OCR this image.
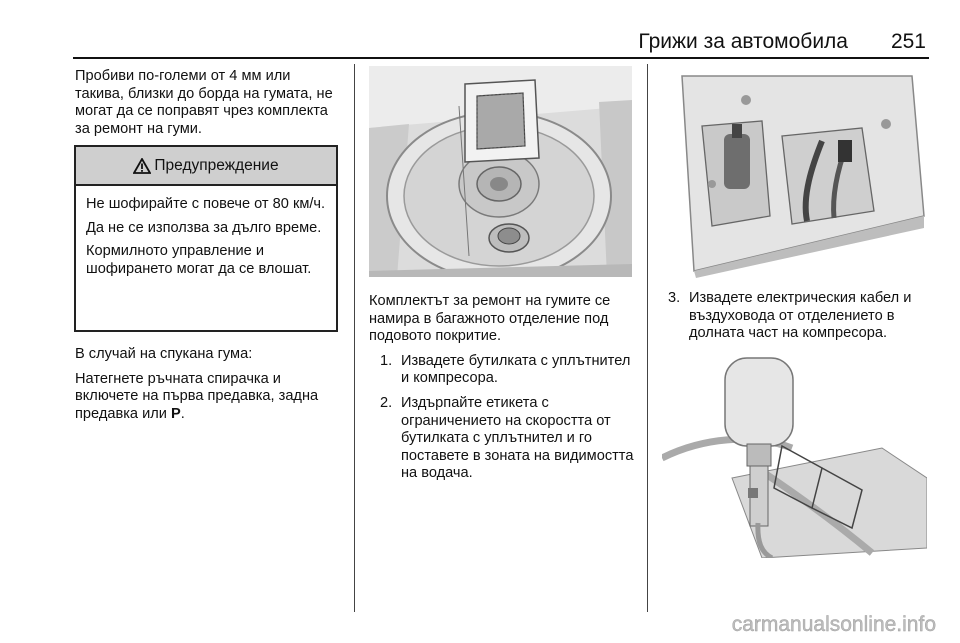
Грижи за автомобила	251

Пробиви по-големи от 4 мм или такива, близки до борда на гумата, не могат да се поправят чрез комплекта за ремонт на гуми.

Предупреждение

Не шофирайте с повече от 80 км/ч.

Да не се използва за дълго време.

Кормилното управление и шофирането могат да се влошат.

В случай на спукана гума:

Натегнете ръчната спирачка и включете на първа предавка, задна предавка или P.

Комплектът за ремонт на гумите се намира в багажното отделение под подовото покритие.

1. Извадете бутилката с уплътнител и компресора.
2. Издърпайте етикета с ограничението на скоростта от бутилката с уплътнител и го поставете в зоната на видимостта на водача.
3. Извадете електрическия кабел и въздуховода от отделението в долната част на компресора.
carmanualsonline.info
